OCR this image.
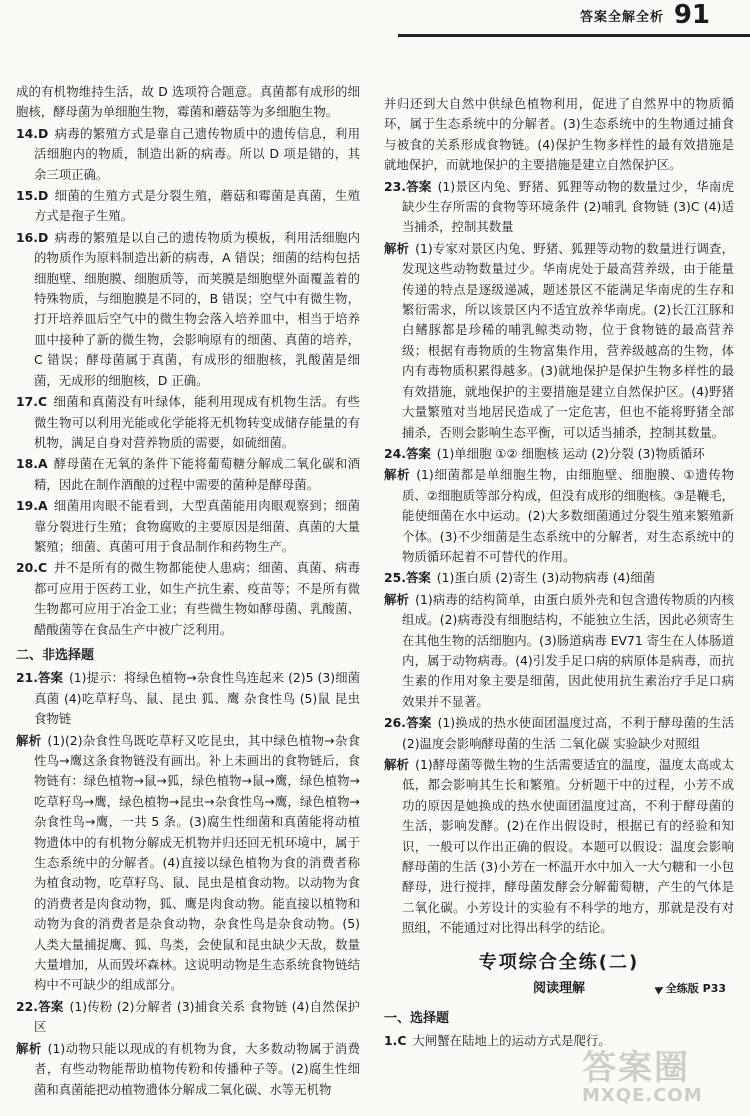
答案全解全析 91
成的有机物维持生活，故 D 选项符合题意。真菌都有成形的细胞核，酵母菌为单细胞生物，霉菌和蘑菇等为多细胞生物。
14.D 病毒的繁殖方式是靠自己遗传物质中的遗传信息，利用活细胞内的物质，制造出新的病毒。所以 D 项是错的，其余三项正确。
15.D 细菌的生殖方式是分裂生殖，蘑菇和霉菌是真菌，生殖方式是孢子生殖。
16.D 病毒的繁殖是以自己的遗传物质为模板，利用活细胞内的物质作为原料制造出新的病毒，A 错误；细菌的结构包括细胞壁、细胞膜、细胞质等，而荚膜是细胞壁外面覆盖着的特殊物质，与细胞膜是不同的，B 错误；空气中有微生物，打开培养皿后空气中的微生物会落入培养皿中，相当于培养皿中接种了新的微生物，会影响原有的细菌、真菌的培养，C 错误；酵母菌属于真菌，有成形的细胞核，乳酸菌是细菌，无成形的细胞核，D 正确。
17.C 细菌和真菌没有叶绿体，能利用现成有机物生活。有些微生物可以利用光能或化学能将无机物转变成储存能量的有机物，满足自身对营养物质的需要，如硫细菌。
18.A 酵母菌在无氧的条件下能将葡萄糖分解成二氧化碳和酒精，因此在制作酒酿的过程中需要的菌种是酵母菌。
19.A 细菌用肉眼不能看到，大型真菌能用肉眼观察到；细菌靠分裂进行生殖；食物腐败的主要原因是细菌、真菌的大量繁殖；细菌、真菌可用于食品制作和药物生产。
20.C 并不是所有的微生物都能使人患病；细菌、真菌、病毒都可应用于医药工业，如生产抗生素、疫苗等；不是所有微生物都可应用于冶金工业；有些微生物如酵母菌、乳酸菌、醋酸菌等在食品生产中被广泛利用。
二、非选择题
21.答案 (1)提示：将绿色植物→杂食性鸟连起来 (2)5 (3)细菌 真菌 (4)吃草籽鸟、鼠、昆虫 狐、鹰 杂食性鸟 (5)鼠 昆虫 食物链
解析 (1)(2)杂食性鸟既吃草籽又吃昆虫，其中绿色植物→杂食性鸟→鹰这条食物链没有画出。补上未画出的食物链后，食物链有：绿色植物→鼠→狐，绿色植物→鼠→鹰，绿色植物→吃草籽鸟→鹰，绿色植物→昆虫→杂食性鸟→鹰，绿色植物→杂食性鸟→鹰，一共 5 条。(3)腐生性细菌和真菌能将动植物遗体中的有机物分解成无机物并归还回无机环境中，属于生态系统中的分解者。(4)直接以绿色植物为食的消费者称为植食动物，吃草籽鸟、鼠、昆虫是植食动物。以动物为食的消费者是肉食动物，狐、鹰是肉食动物。能直接以植物和动物为食的消费者是杂食动物，杂食性鸟是杂食动物。(5)人类大量捕捉鹰、狐、鸟类，会使鼠和昆虫缺少天敌，数量大量增加，从而毁坏森林。这说明动物是生态系统食物链结构中不可缺少的组成部分。
22.答案 (1)传粉 (2)分解者 (3)捕食关系 食物链 (4)自然保护区
解析 (1)动物只能以现成的有机物为食，大多数动物属于消费者，有些动物能帮助植物传粉和传播种子等。(2)腐生性细菌和真菌能把动植物遗体分解成二氧化碳、水等无机物
并归还到大自然中供绿色植物利用，促进了自然界中的物质循环，属于生态系统中的分解者。(3)生态系统中的生物通过捕食与被食的关系形成食物链。(4)保护生物多样性的最有效措施是就地保护，而就地保护的主要措施是建立自然保护区。
23.答案 (1)景区内兔、野猪、狐狸等动物的数量过少，华南虎缺少生存所需的食物等环境条件 (2)哺乳 食物链 (3)C (4)适当捕杀，控制其数量
解析 (1)专家对景区内兔、野猪、狐狸等动物的数量进行调查，发现这些动物数量过少。华南虎处于最高营养级，由于能量传递的特点是逐级递减，题述景区不能满足华南虎的生存和繁衍需求，所以该景区内不适宜放养华南虎。(2)长江江豚和白鳍豚都是珍稀的哺乳鲸类动物，位于食物链的最高营养级；根据有毒物质的生物富集作用，营养级越高的生物，体内有毒物质积累得越多。(3)就地保护是保护生物多样性的最有效措施，就地保护的主要措施是建立自然保护区。(4)野猪大量繁殖对当地居民造成了一定危害，但也不能将野猪全部捕杀，否则会影响生态平衡，可以适当捕杀，控制其数量。
24.答案 (1)单细胞 ①② 细胞核 运动 (2)分裂 (3)物质循环
解析 (1)细菌都是单细胞生物，由细胞壁、细胞膜、①遗传物质、②细胞质等部分构成，但没有成形的细胞核。③是鞭毛，能使细菌在水中运动。(2)大多数细菌通过分裂生殖来繁殖新个体。(3)不少细菌是生态系统中的分解者，对生态系统中的物质循环起着不可替代的作用。
25.答案 (1)蛋白质 (2)寄生 (3)动物病毒 (4)细菌
解析 (1)病毒的结构简单，由蛋白质外壳和包含遗传物质的内核组成。(2)病毒没有细胞结构，不能独立生活，因此必须寄生在其他生物的活细胞内。(3)肠道病毒 EV71 寄生在人体肠道内，属于动物病毒。(4)引发手足口病的病原体是病毒，而抗生素的作用对象主要是细菌，因此使用抗生素治疗手足口病效果并不显著。
26.答案 (1)换成的热水使面团温度过高，不利于酵母菌的生活 (2)温度会影响酵母菌的生活 二氧化碳 实验缺少对照组
解析 (1)酵母菌等微生物的生活需要适宜的温度，温度太高或太低，都会影响其生长和繁殖。分析题干中的过程，小芳不成功的原因是她换成的热水使面团温度过高，不利于酵母菌的生活，影响发酵。(2)在作出假设时，根据已有的经验和知识，一般可以作出正确的假设。本题可以假设：温度会影响酵母菌的生活 (3)小芳在一杯温开水中加入一大勺糖和一小包酵母，进行搅拌，酵母菌发酵会分解葡萄糖，产生的气体是二氧化碳。小芳设计的实验有不科学的地方，那就是没有对照组，不能通过对比得出科学的结论。
专项综合全练(二)
阅读理解	全练版 P33
一、选择题
1.C 大闸蟹在陆地上的运动方式是爬行。
答案圈
MXQE.COM
